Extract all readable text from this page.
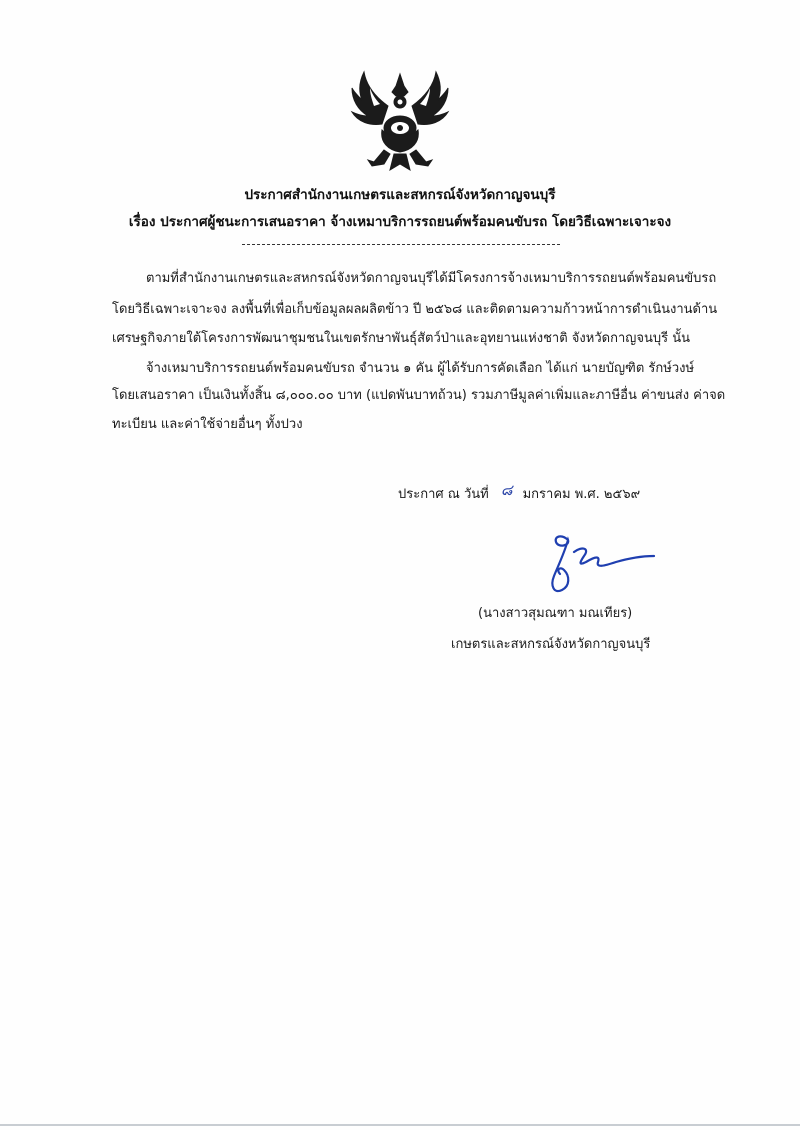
ประกาศสำนักงานเกษตรและสหกรณ์จังหวัดกาญจนบุรี
เรื่อง ประกาศผู้ชนะการเสนอราคา จ้างเหมาบริการรถยนต์พร้อมคนขับรถ โดยวิธีเฉพาะเจาะจง
ตามที่สำนักงานเกษตรและสหกรณ์จังหวัดกาญจนบุรีได้มีโครงการจ้างเหมาบริการรถยนต์พร้อมคนขับรถ
โดยวิธีเฉพาะเจาะจง ลงพื้นที่เพื่อเก็บข้อมูลผลผลิตข้าว ปี ๒๕๖๘ และติดตามความก้าวหน้าการดำเนินงานด้าน
เศรษฐกิจภายใต้โครงการพัฒนาชุมชนในเขตรักษาพันธุ์สัตว์ป่าและอุทยานแห่งชาติ จังหวัดกาญจนบุรี นั้น
จ้างเหมาบริการรถยนต์พร้อมคนขับรถ จำนวน ๑ คัน ผู้ได้รับการคัดเลือก ได้แก่ นายบัญฑิต รักษ์วงษ์
โดยเสนอราคา เป็นเงินทั้งสิ้น ๘,๐๐๐.๐๐ บาท (แปดพันบาทถ้วน) รวมภาษีมูลค่าเพิ่มและภาษีอื่น ค่าขนส่ง ค่าจด
ทะเบียน และค่าใช้จ่ายอื่นๆ ทั้งปวง
ประกาศ ณ วันที่ ๘ มกราคม พ.ศ. ๒๕๖๙
(นางสาวสุมณฑา มณเทียร)
เกษตรและสหกรณ์จังหวัดกาญจนบุรี
